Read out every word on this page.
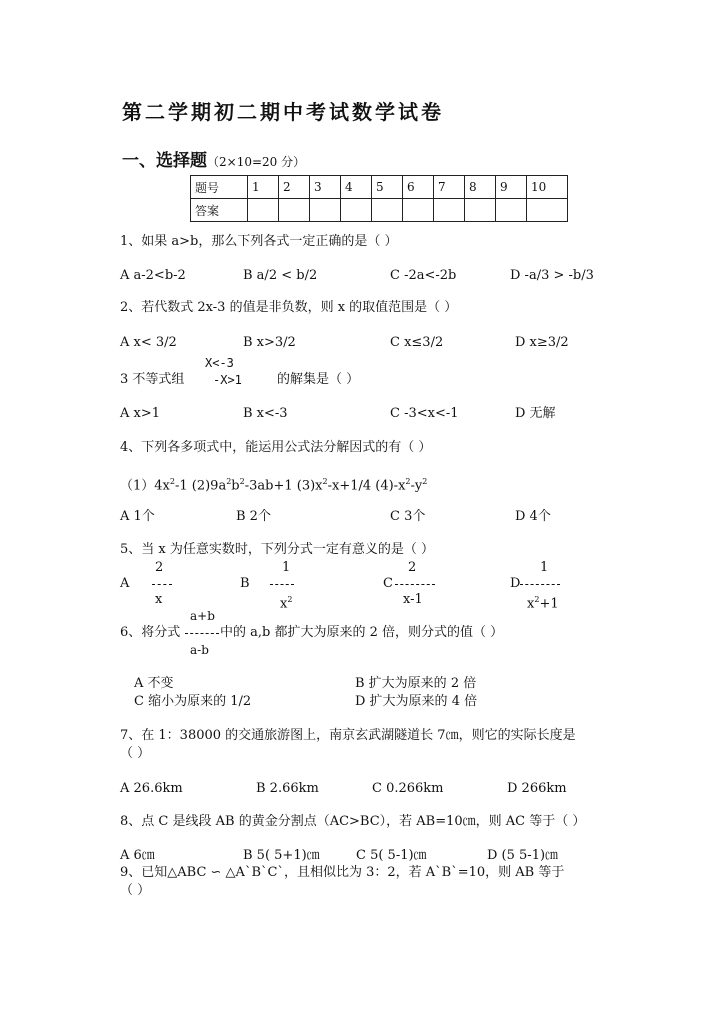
第二学期初二期中考试数学试卷
一、选择题（2×10=20 分）
题号	1	2	3	4	5	6	7	8	9	10
答案										
1、如果 a>b，那么下列各式一定正确的是（ ）
A a-2<b-2	B a/2 < b/2	C -2a<-2b	D -a/3 > -b/3
2、若代数式 2x-3 的值是非负数，则 x 的取值范围是（ ）
A x< 3/2	B x>3/2	C x≤3/2	D x≥3/2
X<-3
3 不等式组 -X>1	的解集是（ ）
A x>1	B x<-3	C -3<x<-1	D 无解
4、下列各多项式中，能运用公式法分解因式的有（ ）
$(1)4x^2-1$ $(2)9a^2b^2-3ab+1$ $(3)x^2-x+1/4$ $(4)-x^2-y^2$
A 1个	B 2个	C 3个	D 4个
5、当 x 为任意实数时，下列分式一定有意义的是（ ）
A
2
x
B
1
$x^2$
C
2
x-1
D
1
$x^2+1$
a+b
6、将分式	中的 a,b 都扩大为原来的 2 倍，则分式的值（ ）
a-b
A 不变	B 扩大为原来的 2 倍
C 缩小为原来的 1/2	D 扩大为原来的 4 倍
7、在 1：38000 的交通旅游图上，南京玄武湖隧道长 7㎝，则它的实际长度是
（ ）
A 26.6km	B 2.66km	C 0.266km	D 266km
8、点 C 是线段 AB 的黄金分割点（AC>BC），若 AB=10㎝，则 AC 等于（ ）
A 6㎝	B 5( 5+1)㎝	C 5( 5-1)㎝	D (5 5-1)㎝
9、已知△ABC ∽ △A`B`C`，且相似比为 3：2，若 A`B`=10，则 AB 等于
（ ）
